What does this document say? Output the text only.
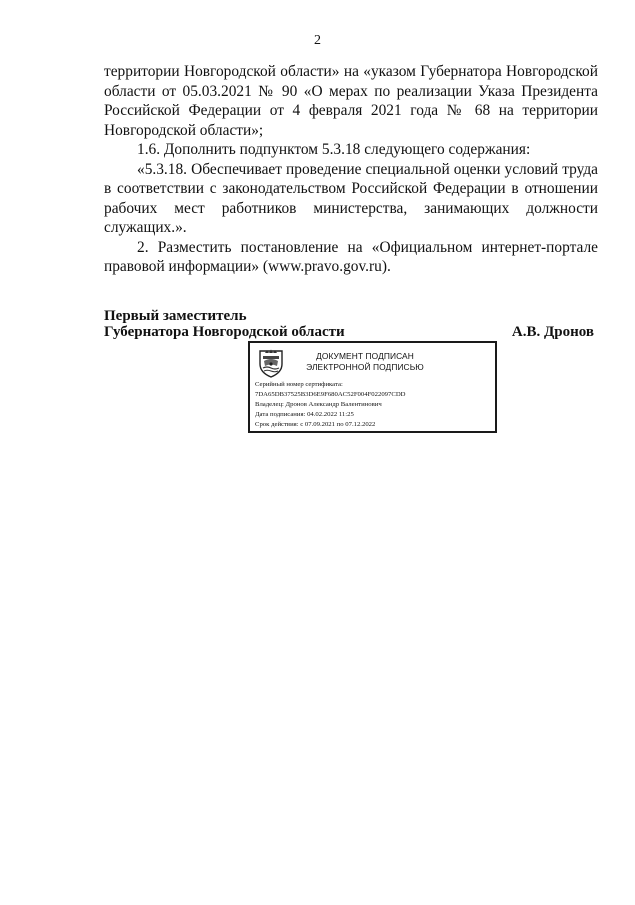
2

территории Новгородской области» на «указом Губернатора Новгородской области от 05.03.2021 № 90 «О мерах по реализации Указа Президента Российской Федерации от 4 февраля 2021 года № 68 на территории Новгородской области»;

1.6. Дополнить подпунктом 5.3.18 следующего содержания:

«5.3.18. Обеспечивает проведение специальной оценки условий труда в соответствии с законодательством Российской Федерации в отношении рабочих мест работников министерства, занимающих должности служащих.».

2. Разместить постановление на «Официальном интернет-портале правовой информации» (www.pravo.gov.ru).

Первый заместитель
Губернатора Новгородской области	А.В. Дронов
ДОКУМЕНТ ПОДПИСАН
ЭЛЕКТРОННОЙ ПОДПИСЬЮ
Серийный номер сертификата:
7DA65DB37525B3D6E9F680AC52F004F022097CDD
Владелец: Дронов Александр Валентинович
Дата подписания: 04.02.2022 11:25
Срок действия: с 07.09.2021 по 07.12.2022
